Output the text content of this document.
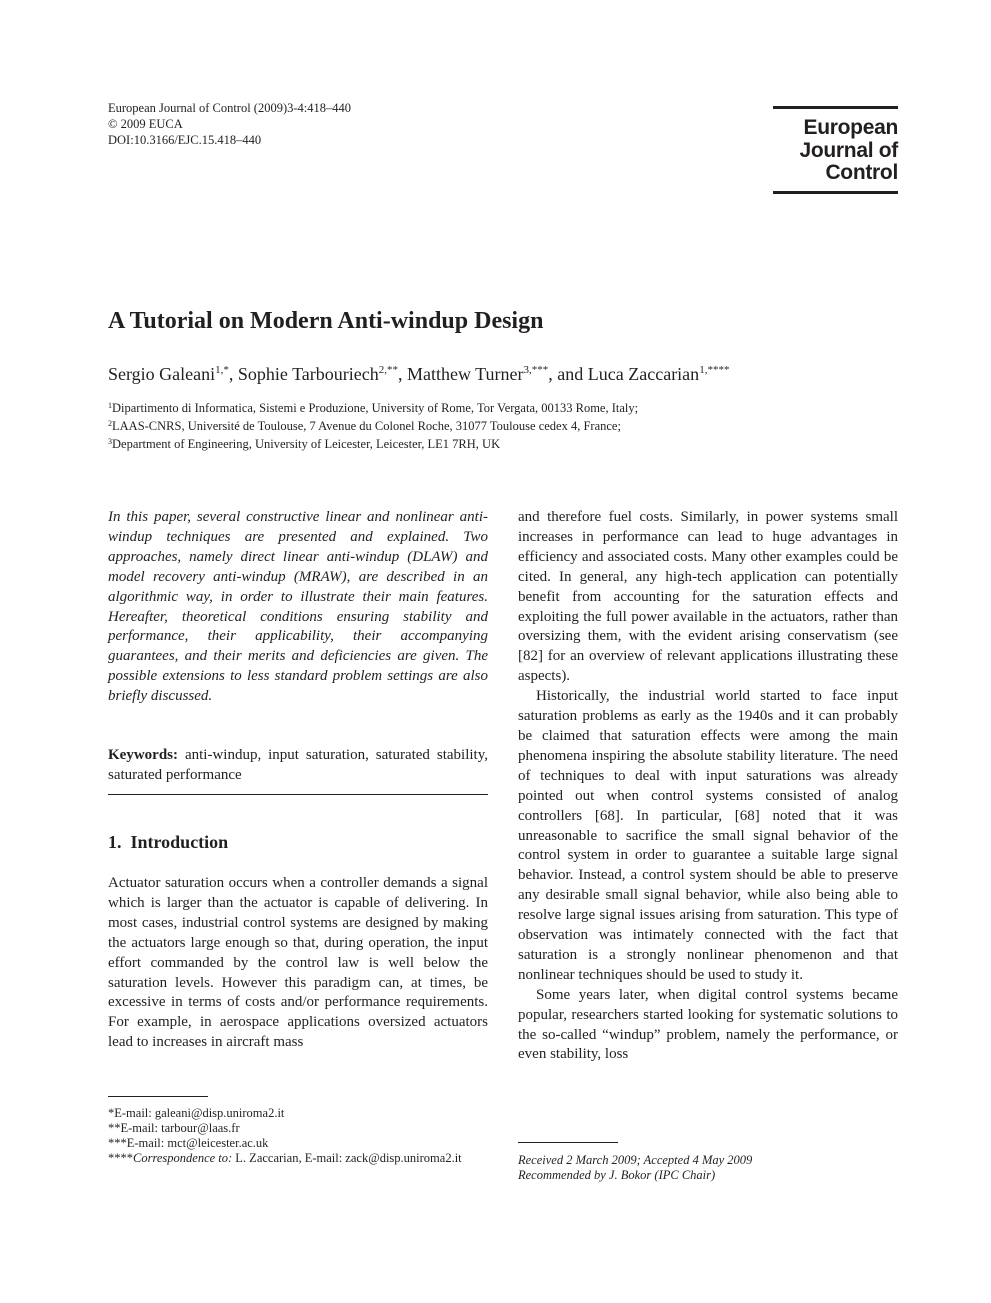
European Journal of Control (2009)3-4:418–440
© 2009 EUCA
DOI:10.3166/EJC.15.418–440
European
Journal of
Control
A Tutorial on Modern Anti-windup Design
Sergio Galeani$^{1,*}$, Sophie Tarbouriech$^{2,**}$, Matthew Turner$^{3,***}$, and Luca Zaccarian$^{1,****}$
$^1$Dipartimento di Informatica, Sistemi e Produzione, University of Rome, Tor Vergata, 00133 Rome, Italy;
$^2$LAAS-CNRS, Université de Toulouse, 7 Avenue du Colonel Roche, 31077 Toulouse cedex 4, France;
$^3$Department of Engineering, University of Leicester, Leicester, LE1 7RH, UK

In this paper, several constructive linear and nonlinear anti-windup techniques are presented and explained. Two approaches, namely direct linear anti-windup (DLAW) and model recovery anti-windup (MRAW), are described in an algorithmic way, in order to illustrate their main features. Hereafter, theoretical conditions ensuring stability and performance, their applicability, their accompanying guarantees, and their merits and deficiencies are given. The possible extensions to less standard problem settings are also briefly discussed.

Keywords: anti-windup, input saturation, saturated stability, saturated performance

1. Introduction

Actuator saturation occurs when a controller demands a signal which is larger than the actuator is capable of delivering. In most cases, industrial control systems are designed by making the actuators large enough so that, during operation, the input effort commanded by the control law is well below the saturation levels. However this paradigm can, at times, be excessive in terms of costs and/or performance requirements. For example, in aerospace applications oversized actuators lead to increases in aircraft mass

and therefore fuel costs. Similarly, in power systems small increases in performance can lead to huge advantages in efficiency and associated costs. Many other examples could be cited. In general, any high-tech application can potentially benefit from accounting for the saturation effects and exploiting the full power available in the actuators, rather than oversizing them, with the evident arising conservatism (see [82] for an overview of relevant applications illustrating these aspects).

Historically, the industrial world started to face input saturation problems as early as the 1940s and it can probably be claimed that saturation effects were among the main phenomena inspiring the absolute stability literature. The need of techniques to deal with input saturations was already pointed out when control systems consisted of analog controllers [68]. In particular, [68] noted that it was unreasonable to sacrifice the small signal behavior of the control system in order to guarantee a suitable large signal behavior. Instead, a control system should be able to preserve any desirable small signal behavior, while also being able to resolve large signal issues arising from saturation. This type of observation was intimately connected with the fact that saturation is a strongly nonlinear phenomenon and that nonlinear techniques should be used to study it.

Some years later, when digital control systems became popular, researchers started looking for systematic solutions to the so-called “windup” problem, namely the performance, or even stability, loss

*E-mail: galeani@disp.uniroma2.it
**E-mail: tarbour@laas.fr
***E-mail: mct@leicester.ac.uk
****Correspondence to: L. Zaccarian, E-mail: zack@disp.uniroma2.it	Received 2 March 2009; Accepted 4 May 2009
Recommended by J. Bokor (IPC Chair)
